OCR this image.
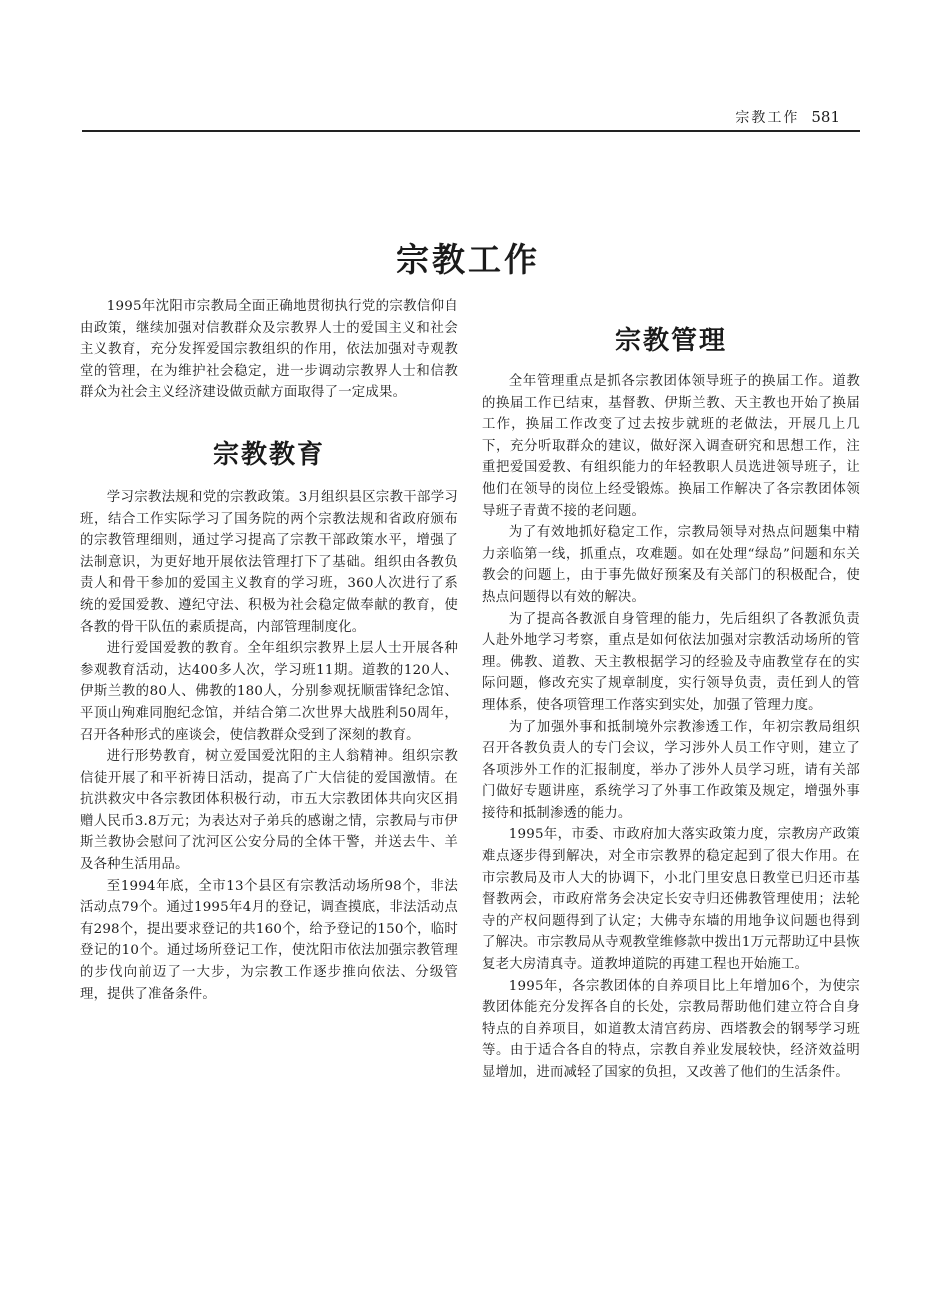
宗教工作 581
宗教工作

1995年沈阳市宗教局全面正确地贯彻执行党的宗教信仰自由政策，继续加强对信教群众及宗教界人士的爱国主义和社会主义教育，充分发挥爱国宗教组织的作用，依法加强对寺观教堂的管理，在为维护社会稳定，进一步调动宗教界人士和信教群众为社会主义经济建设做贡献方面取得了一定成果。

宗教教育

学习宗教法规和党的宗教政策。3月组织县区宗教干部学习班，结合工作实际学习了国务院的两个宗教法规和省政府颁布的宗教管理细则，通过学习提高了宗教干部政策水平，增强了法制意识，为更好地开展依法管理打下了基础。组织由各教负责人和骨干参加的爱国主义教育的学习班，360人次进行了系统的爱国爱教、遵纪守法、积极为社会稳定做奉献的教育，使各教的骨干队伍的素质提高，内部管理制度化。

进行爱国爱教的教育。全年组织宗教界上层人士开展各种参观教育活动，达400多人次，学习班11期。道教的120人、伊斯兰教的80人、佛教的180人，分别参观抚顺雷锋纪念馆、平顶山殉难同胞纪念馆，并结合第二次世界大战胜利50周年，召开各种形式的座谈会，使信教群众受到了深刻的教育。

进行形势教育，树立爱国爱沈阳的主人翁精神。组织宗教信徒开展了和平祈祷日活动，提高了广大信徒的爱国激情。在抗洪救灾中各宗教团体积极行动，市五大宗教团体共向灾区捐赠人民币3.8万元；为表达对子弟兵的感谢之情，宗教局与市伊斯兰教协会慰问了沈河区公安分局的全体干警，并送去牛、羊及各种生活用品。

至1994年底，全市13个县区有宗教活动场所98个，非法活动点79个。通过1995年4月的登记，调查摸底，非法活动点有298个，提出要求登记的共160个，给予登记的150个，临时登记的10个。通过场所登记工作，使沈阳市依法加强宗教管理的步伐向前迈了一大步，为宗教工作逐步推向依法、分级管理，提供了准备条件。

宗教管理

全年管理重点是抓各宗教团体领导班子的换届工作。道教的换届工作已结束，基督教、伊斯兰教、天主教也开始了换届工作，换届工作改变了过去按步就班的老做法，开展几上几下，充分听取群众的建议，做好深入调查研究和思想工作，注重把爱国爱教、有组织能力的年轻教职人员选进领导班子，让他们在领导的岗位上经受锻炼。换届工作解决了各宗教团体领导班子青黄不接的老问题。

为了有效地抓好稳定工作，宗教局领导对热点问题集中精力亲临第一线，抓重点，攻难题。如在处理“绿岛”问题和东关教会的问题上，由于事先做好预案及有关部门的积极配合，使热点问题得以有效的解决。

为了提高各教派自身管理的能力，先后组织了各教派负责人赴外地学习考察，重点是如何依法加强对宗教活动场所的管理。佛教、道教、天主教根据学习的经验及寺庙教堂存在的实际问题，修改充实了规章制度，实行领导负责，责任到人的管理体系，使各项管理工作落实到实处，加强了管理力度。

为了加强外事和抵制境外宗教渗透工作，年初宗教局组织召开各教负责人的专门会议，学习涉外人员工作守则，建立了各项涉外工作的汇报制度，举办了涉外人员学习班，请有关部门做好专题讲座，系统学习了外事工作政策及规定，增强外事接待和抵制渗透的能力。

1995年，市委、市政府加大落实政策力度，宗教房产政策难点逐步得到解决，对全市宗教界的稳定起到了很大作用。在市宗教局及市人大的协调下，小北门里安息日教堂已归还市基督教两会，市政府常务会决定长安寺归还佛教管理使用；法轮寺的产权问题得到了认定；大佛寺东墙的用地争议问题也得到了解决。市宗教局从寺观教堂维修款中拨出1万元帮助辽中县恢复老大房清真寺。道教坤道院的再建工程也开始施工。

1995年，各宗教团体的自养项目比上年增加6个，为使宗教团体能充分发挥各自的长处，宗教局帮助他们建立符合自身特点的自养项目，如道教太清宫药房、西塔教会的钢琴学习班等。由于适合各自的特点，宗教自养业发展较快，经济效益明显增加，进而减轻了国家的负担，又改善了他们的生活条件。
